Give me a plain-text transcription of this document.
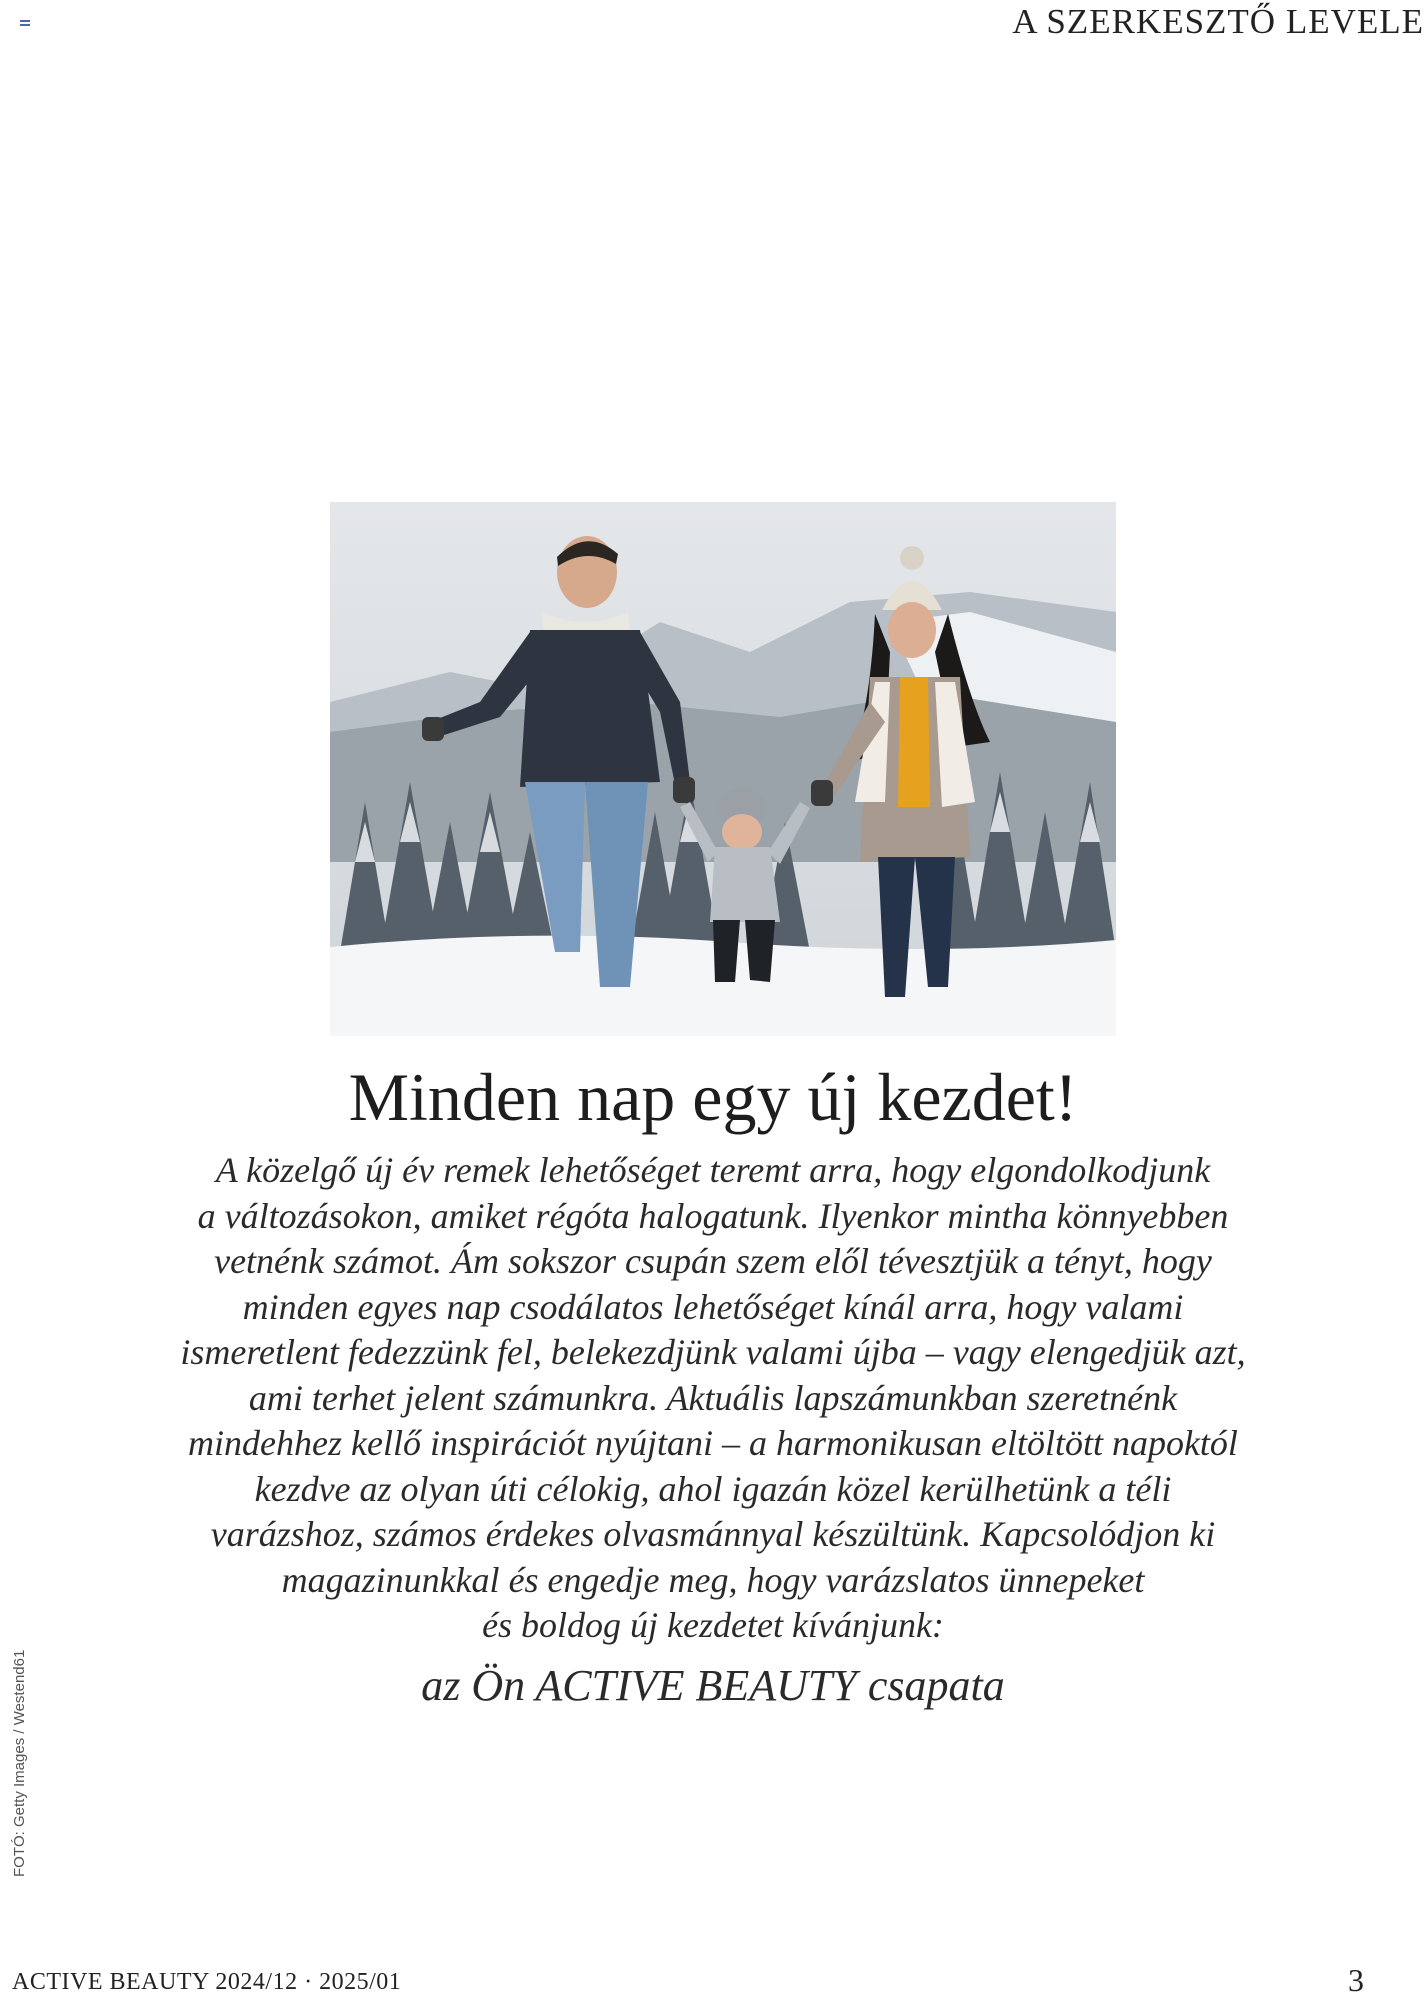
A SZERKESZTŐ LEVELE
Minden nap egy új kezdet!
A közelgő új év remek lehetőséget teremt arra, hogy elgondolkodjunk
a változásokon, amiket régóta halogatunk. Ilyenkor mintha könnyebben
vetnénk számot. Ám sokszor csupán szem elől tévesztjük a tényt, hogy
minden egyes nap csodálatos lehetőséget kínál arra, hogy valami
ismeretlent fedezzünk fel, belekezdjünk valami újba – vagy elengedjük azt,
ami terhet jelent számunkra. Aktuális lapszámunkban szeretnénk
mindehhez kellő inspirációt nyújtani – a harmonikusan eltöltött napoktól
kezdve az olyan úti célokig, ahol igazán közel kerülhetünk a téli
varázshoz, számos érdekes olvasmánnyal készültünk. Kapcsolódjon ki
magazinunkkal és engedje meg, hogy varázslatos ünnepeket
és boldog új kezdetet kívánjunk:
az Ön ACTIVE BEAUTY csapata
FOTÓ: Getty Images / Westend61
ACTIVE BEAUTY 2024/12 · 2025/01	3
